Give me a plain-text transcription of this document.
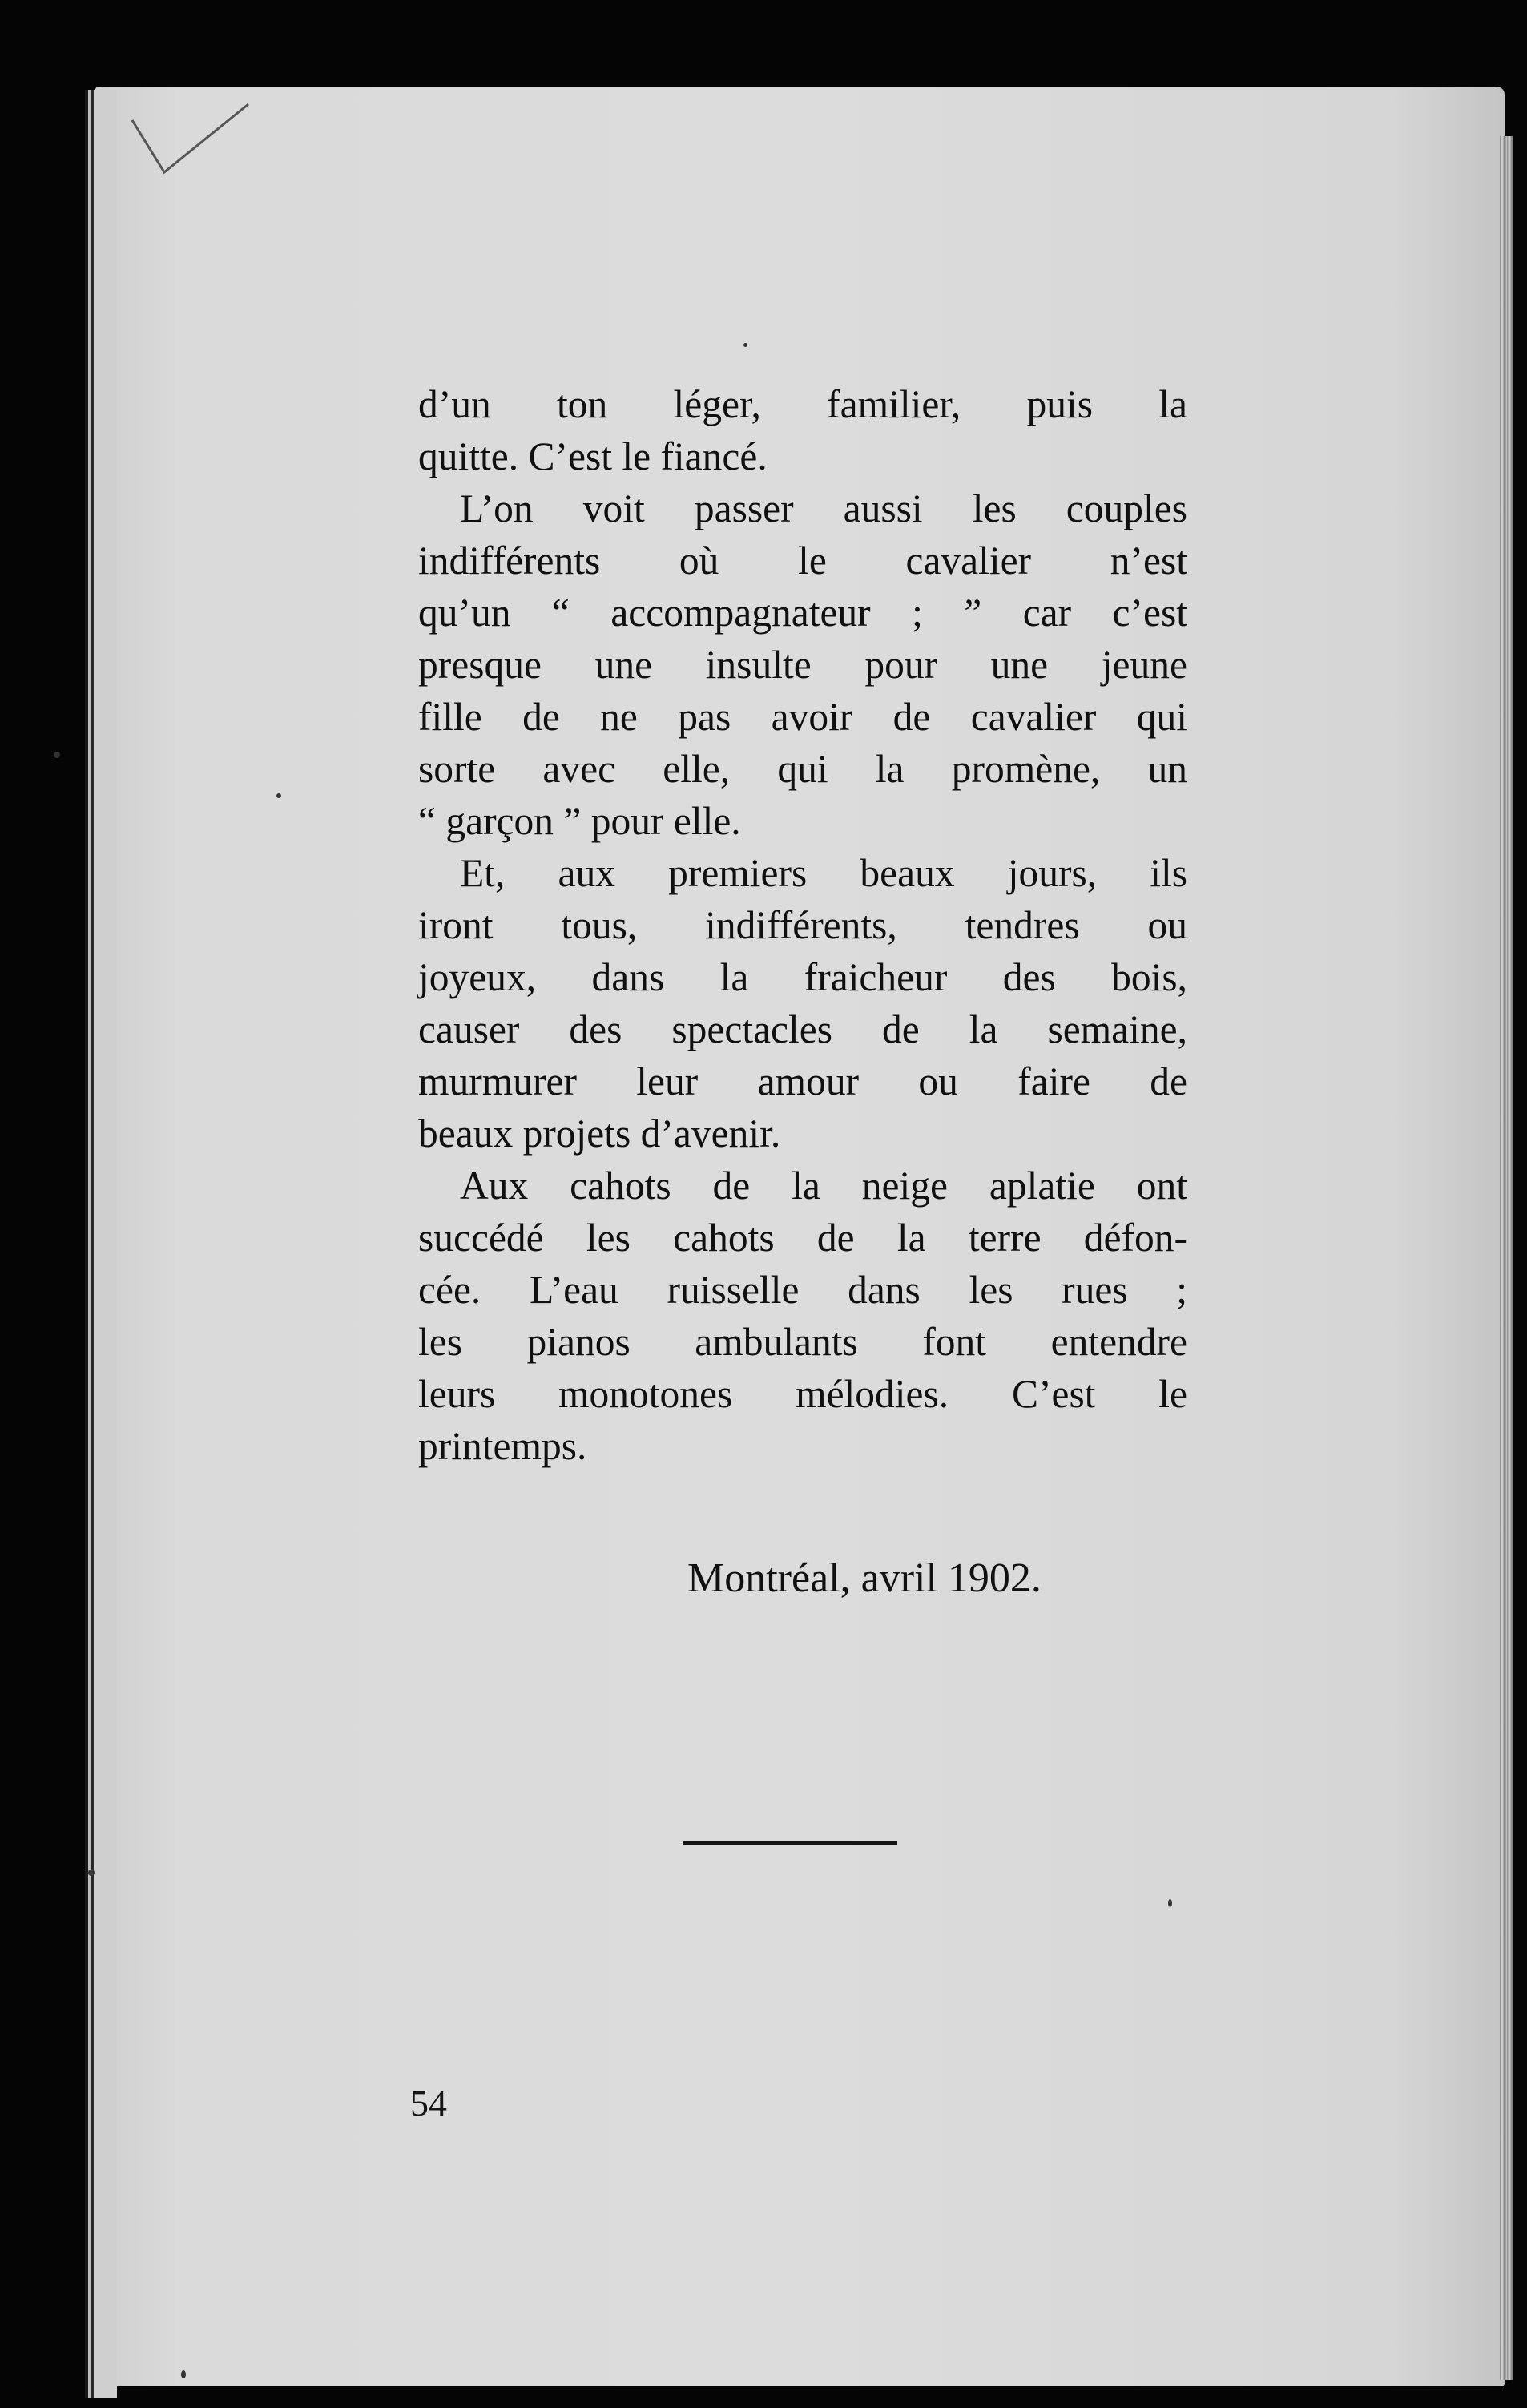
d’un ton léger, familier, puis la
quitte. C’est le fiancé.

L’on voit passer aussi les couples
indifférents où le cavalier n’est
qu’un “ accompagnateur ; ” car c’est
presque une insulte pour une jeune
fille de ne pas avoir de cavalier qui
sorte avec elle, qui la promène, un
“ garçon ” pour elle.

Et, aux premiers beaux jours, ils
iront tous, indifférents, tendres ou
joyeux, dans la fraicheur des bois,
causer des spectacles de la semaine,
murmurer leur amour ou faire de
beaux projets d’avenir.

Aux cahots de la neige aplatie ont
succédé les cahots de la terre défon-
cée. L’eau ruisselle dans les rues ;
les pianos ambulants font entendre
leurs monotones mélodies. C’est le
printemps.

Montréal, avril 1902.
54
